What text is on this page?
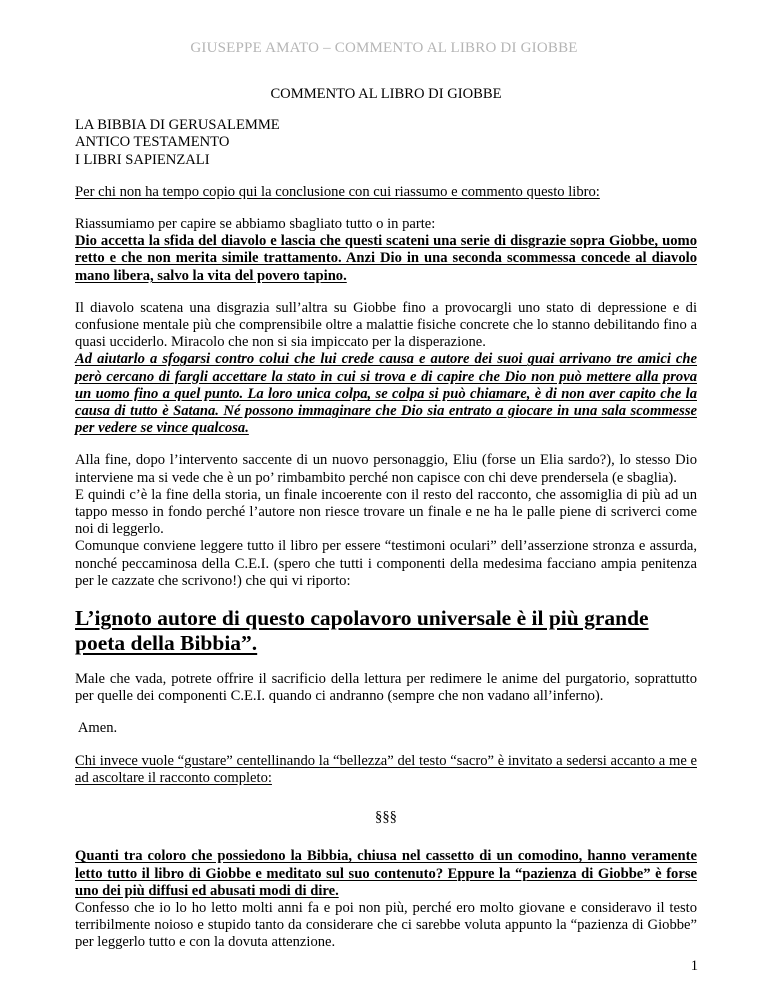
GIUSEPPE AMATO – COMMENTO AL LIBRO DI GIOBBE
COMMENTO AL LIBRO DI GIOBBE
LA BIBBIA DI GERUSALEMME
ANTICO TESTAMENTO
I LIBRI SAPIENZALI
Per chi non ha tempo copio qui la conclusione con cui riassumo e commento questo libro:
Riassumiamo per capire se abbiamo sbagliato tutto o in parte:
Dio accetta la sfida del diavolo e lascia che questi scateni una serie di disgrazie sopra Giobbe, uomo retto e che non merita simile trattamento. Anzi Dio in una seconda scommessa concede al diavolo mano libera, salvo la vita del povero tapino.
Il diavolo scatena una disgrazia sull’altra su Giobbe fino a provocargli uno stato di depressione e di confusione mentale più che comprensibile oltre a malattie fisiche concrete che lo stanno debilitando fino a quasi ucciderlo. Miracolo che non si sia impiccato per la disperazione.
Ad aiutarlo a sfogarsi contro colui che lui crede causa e autore dei suoi guai arrivano tre amici che però cercano di fargli accettare la stato in cui si trova e di capire che Dio non può mettere alla prova un uomo fino a quel punto. La loro unica colpa, se colpa si può chiamare, è di non aver capito che la causa di tutto è Satana. Né possono immaginare che Dio sia entrato a giocare in una sala scommesse per vedere se vince qualcosa.
Alla fine, dopo l’intervento saccente di un nuovo personaggio, Eliu (forse un Elia sardo?), lo stesso Dio interviene ma si vede che è un po’ rimbambito perché non capisce con chi deve prendersela (e sbaglia).
E quindi c’è la fine della storia, un finale incoerente con il resto del racconto, che assomiglia di più ad un tappo messo in fondo perché l’autore non riesce trovare un finale e ne ha le palle piene di scriverci come noi di leggerlo.
Comunque conviene leggere tutto il libro per essere “testimoni oculari” dell’asserzione stronza e assurda, nonché peccaminosa della C.E.I. (spero che tutti i componenti della medesima facciano ampia penitenza per le cazzate che scrivono!) che qui vi riporto:
L’ignoto autore di questo capolavoro universale è il più grande poeta della Bibbia”.
Male che vada, potrete offrire il sacrificio della lettura per redimere le anime del purgatorio, soprattutto per quelle dei componenti C.E.I. quando ci andranno (sempre che non vadano all’inferno).
Amen.
Chi invece vuole “gustare” centellinando la “bellezza” del testo “sacro” è invitato a sedersi accanto a me e ad ascoltare il racconto completo:
§§§
Quanti tra coloro che possiedono la Bibbia, chiusa nel cassetto di un comodino, hanno veramente letto tutto il libro di Giobbe e meditato sul suo contenuto? Eppure la “pazienza di Giobbe” è forse uno dei più diffusi ed abusati modi di dire.
Confesso che io lo ho letto molti anni fa e poi non più, perché ero molto giovane e consideravo il testo terribilmente noioso e stupido tanto da considerare che ci sarebbe voluta appunto la “pazienza di Giobbe” per leggerlo tutto e con la dovuta attenzione.
1
